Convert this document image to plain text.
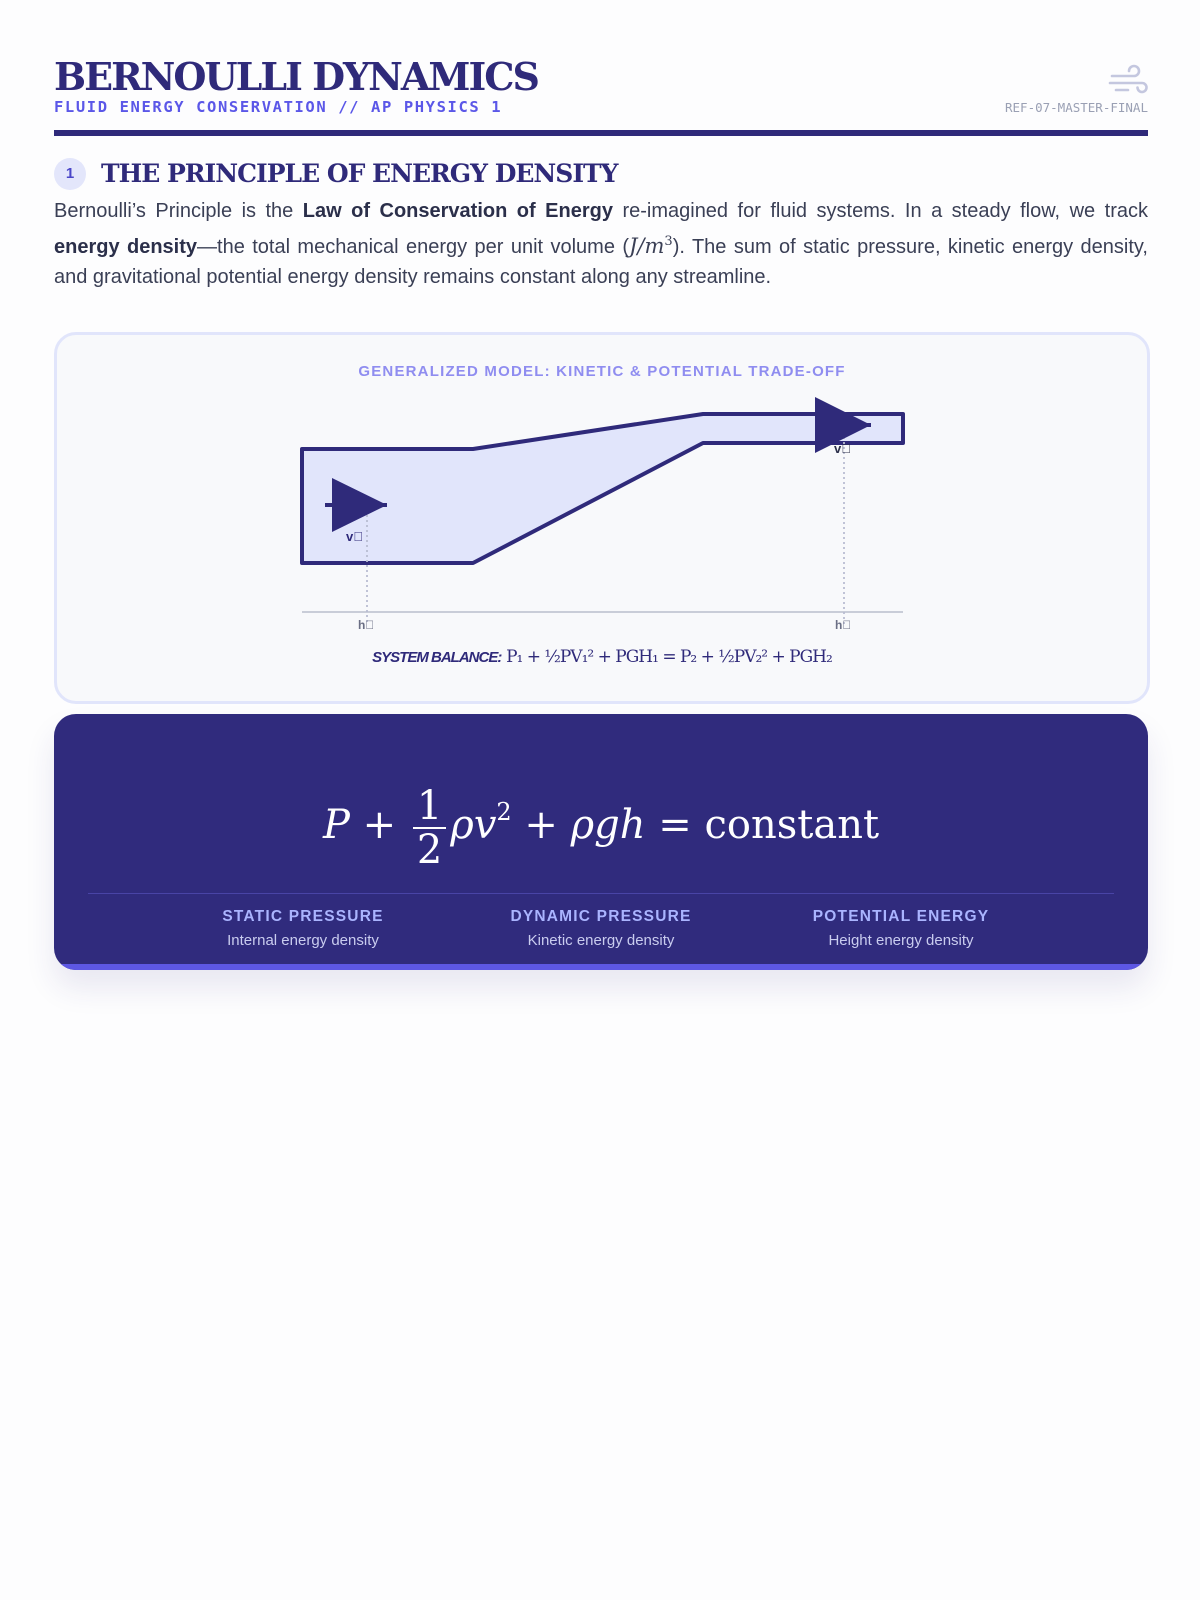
BERNOULLI DYNAMICS
FLUID ENERGY CONSERVATION // AP PHYSICS 1	REF-07-MASTER-FINAL
1	THE PRINCIPLE OF ENERGY DENSITY

Bernoulli’s Principle is the Law of Conservation of Energy re-imagined for fluid systems. In a steady flow, we track energy density—the total mechanical energy per unit volume $(J/m^3)$. The sum of static pressure, kinetic energy density, and gravitational potential energy density remains constant along any streamline.

GENERALIZED MODEL: KINETIC & POTENTIAL TRADE-OFF
v⃒
v⃒
h⃒	h⃒
SYSTEM BALANCE: P₁ + ½PV₁² + PGH₁ = P₂ + ½PV₂² + PGH₂
$P + \frac{1}{2} \rho v^2 + \rho gh$ = constant
STATIC PRESSURE
Internal energy density
DYNAMIC PRESSURE
Kinetic energy density
POTENTIAL ENERGY
Height energy density
